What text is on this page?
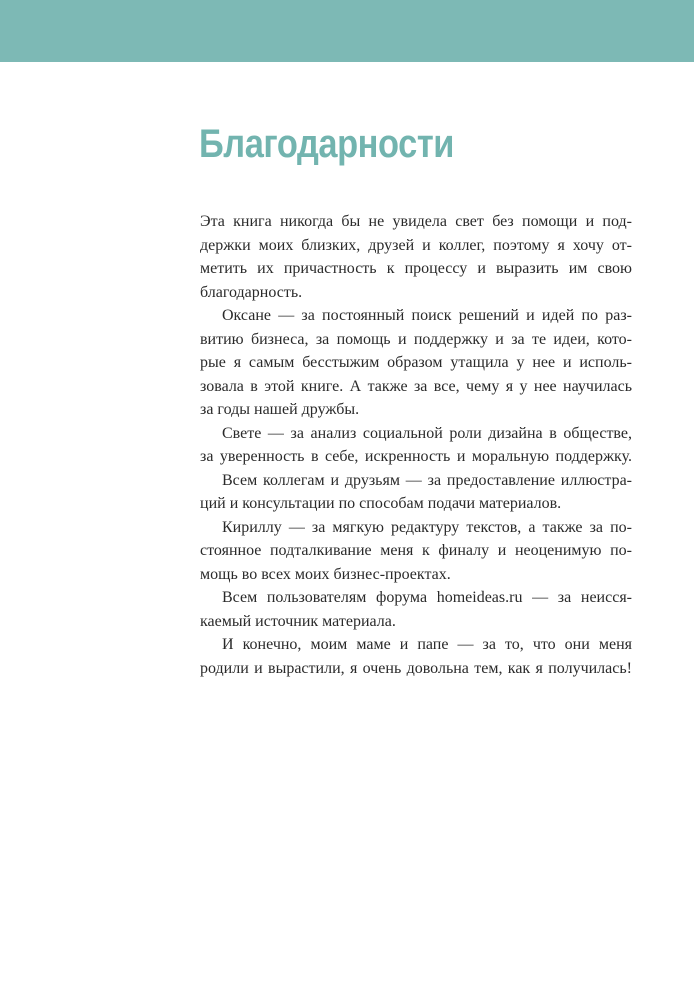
Благодарности
Эта книга никогда бы не увидела свет без помощи и под-
держки моих близких, друзей и коллег, поэтому я хочу от-
метить их причастность к процессу и выразить им свою
благодарность.
Оксане — за постоянный поиск решений и идей по раз-
витию бизнеса, за помощь и поддержку и за те идеи, кото-
рые я самым бесстыжим образом утащила у нее и исполь-
зовала в этой книге. А также за все, чему я у нее научилась
за годы нашей дружбы.
Свете — за анализ социальной роли дизайна в обществе,
за уверенность в себе, искренность и моральную поддержку.
Всем коллегам и друзьям — за предоставление иллюстра-
ций и консультации по способам подачи материалов.
Кириллу — за мягкую редактуру текстов, а также за по-
стоянное подталкивание меня к финалу и неоценимую по-
мощь во всех моих бизнес-проектах.
Всем пользователям форума homeideas.ru — за неисся-
каемый источник материала.
И конечно, моим маме и папе — за то, что они меня
родили и вырастили, я очень довольна тем, как я получилась!
